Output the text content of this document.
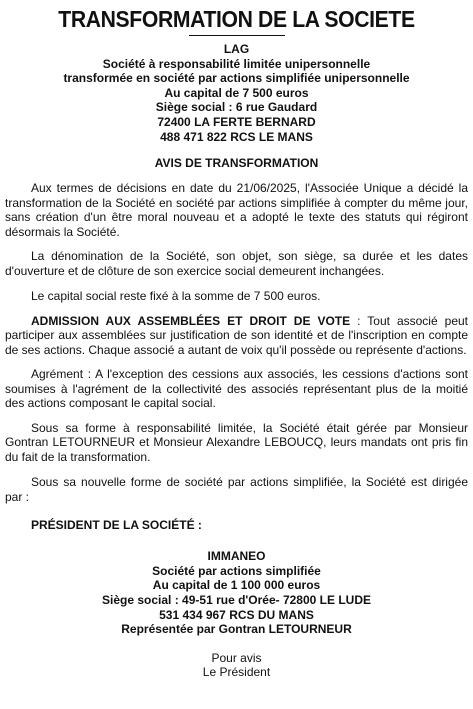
TRANSFORMATION DE LA SOCIETE
LAG
Société à responsabilité limitée unipersonnelle
transformée en société par actions simplifiée unipersonnelle
Au capital de 7 500 euros
Siège social : 6 rue Gaudard
72400 LA FERTE BERNARD
488 471 822 RCS LE MANS
AVIS DE TRANSFORMATION

Aux termes de décisions en date du 21/06/2025, l'Associée Unique a décidé la transformation de la Société en société par actions simplifiée à compter du même jour, sans création d'un être moral nouveau et a adopté le texte des statuts qui régiront désormais la Société.

La dénomination de la Société, son objet, son siège, sa durée et les dates d'ouverture et de clôture de son exercice social demeurent inchangées.

Le capital social reste fixé à la somme de 7 500 euros.

ADMISSION AUX ASSEMBLÉES ET DROIT DE VOTE : Tout associé peut participer aux assemblées sur justification de son identité et de l'inscription en compte de ses actions. Chaque associé a autant de voix qu'il possède ou représente d'actions.

Agrément : A l'exception des cessions aux associés, les cessions d'actions sont soumises à l'agrément de la collectivité des associés représentant plus de la moitié des actions composant le capital social.

Sous sa forme à responsabilité limitée, la Société était gérée par Monsieur Gontran LETOURNEUR et Monsieur Alexandre LEBOUCQ, leurs mandats ont pris fin du fait de la transformation.

Sous sa nouvelle forme de société par actions simplifiée, la Société est dirigée par :

PRÉSIDENT DE LA SOCIÉTÉ :
IMMANEO
Société par actions simplifiée
Au capital de 1 100 000 euros
Siège social : 49-51 rue d'Orée- 72800 LE LUDE
531 434 967 RCS DU MANS
Représentée par Gontran LETOURNEUR
Pour avis
Le Président
